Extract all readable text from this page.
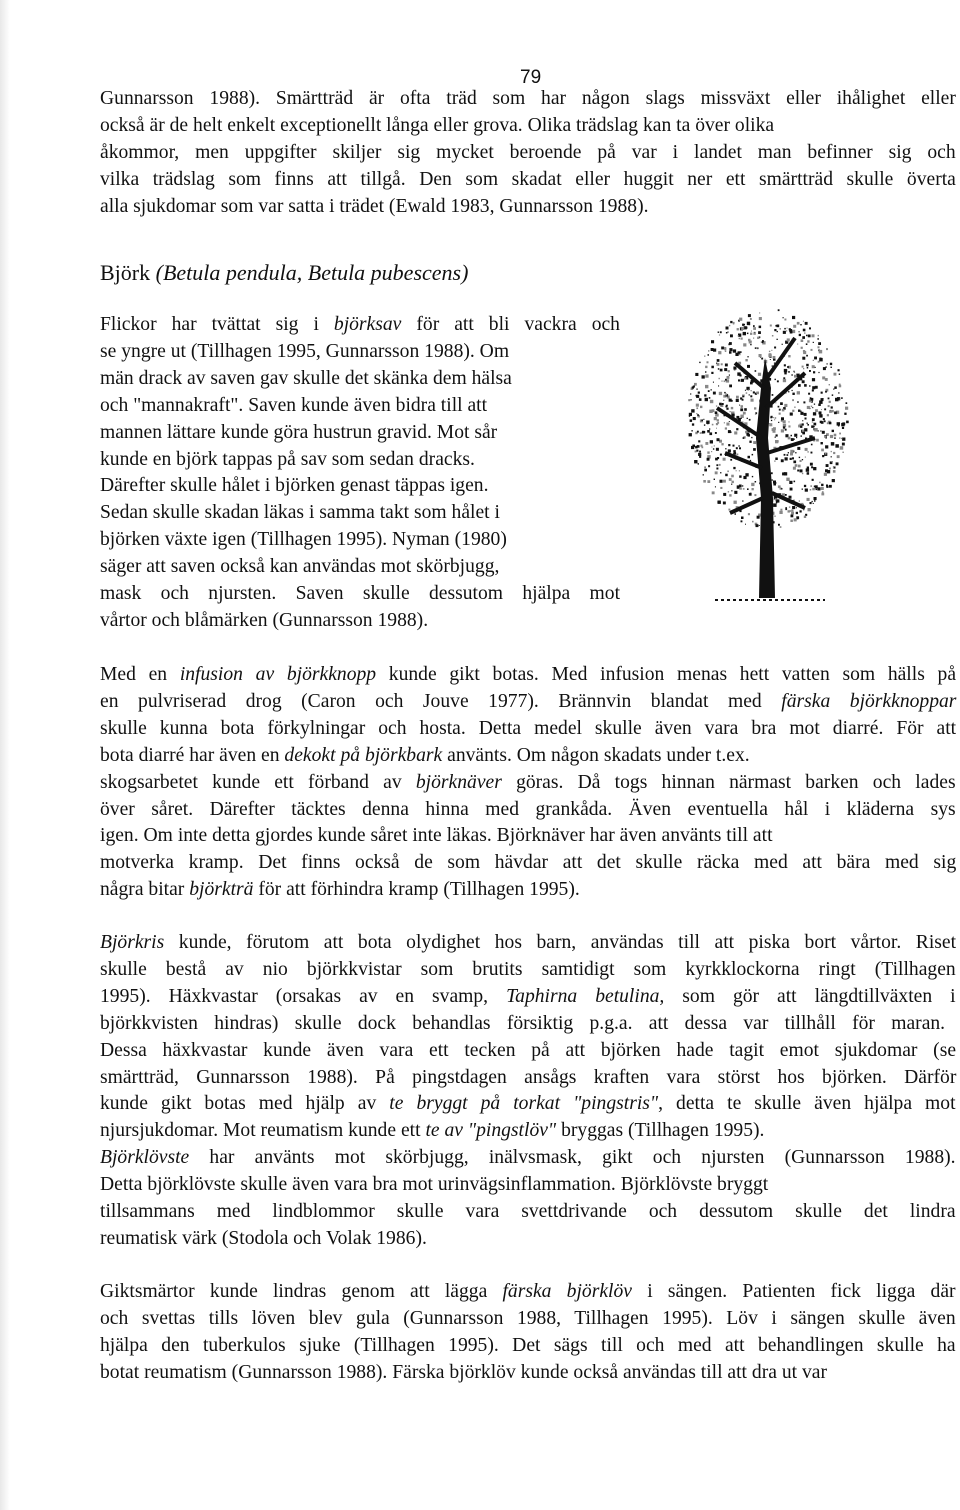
79
Gunnarsson 1988). Smärtträd är ofta träd som har någon slags missväxt eller ihålighet eller
också är de helt enkelt exceptionellt långa eller grova. Olika trädslag kan ta över olika
åkommor, men uppgifter skiljer sig mycket beroende på var i landet man befinner sig och
vilka trädslag som finns att tillgå. Den som skadat eller huggit ner ett smärtträd skulle överta
alla sjukdomar som var satta i trädet (Ewald 1983, Gunnarsson 1988).
Björk (Betula pendula, Betula pubescens)
Flickor har tvättat sig i björksav för att bli vackra och
se yngre ut (Tillhagen 1995, Gunnarsson 1988). Om
män drack av saven gav skulle det skänka dem hälsa
och "mannakraft". Saven kunde även bidra till att
mannen lättare kunde göra hustrun gravid. Mot sår
kunde en björk tappas på sav som sedan dracks.
Därefter skulle hålet i björken genast täppas igen.
Sedan skulle skadan läkas i samma takt som hålet i
björken växte igen (Tillhagen 1995). Nyman (1980)
säger att saven också kan användas mot skörbjugg,
mask och njursten. Saven skulle dessutom hjälpa mot
vårtor och blåmärken (Gunnarsson 1988).
Med en infusion av björkknopp kunde gikt botas. Med infusion menas hett vatten som hälls på
en pulvriserad drog (Caron och Jouve 1977). Brännvin blandat med färska björkknoppar
skulle kunna bota förkylningar och hosta. Detta medel skulle även vara bra mot diarré. För att
bota diarré har även en dekokt på björkbark använts. Om någon skadats under t.ex.
skogsarbetet kunde ett förband av björknäver göras. Då togs hinnan närmast barken och lades
över såret. Därefter täcktes denna hinna med grankåda. Även eventuella hål i kläderna sys
igen. Om inte detta gjordes kunde såret inte läkas. Björknäver har även använts till att
motverka kramp. Det finns också de som hävdar att det skulle räcka med att bära med sig
några bitar björkträ för att förhindra kramp (Tillhagen 1995).
Björkris kunde, förutom att bota olydighet hos barn, användas till att piska bort vårtor. Riset
skulle bestå av nio björkkvistar som brutits samtidigt som kyrkklockorna ringt (Tillhagen
1995). Häxkvastar (orsakas av en svamp, Taphirna betulina, som gör att längdtillväxten i
björkkvisten hindras) skulle dock behandlas försiktig p.g.a. att dessa var tillhåll för maran.
Dessa häxkvastar kunde även vara ett tecken på att björken hade tagit emot sjukdomar (se
smärtträd, Gunnarsson 1988). På pingstdagen ansågs kraften vara störst hos björken. Därför
kunde gikt botas med hjälp av te bryggt på torkat "pingstris", detta te skulle även hjälpa mot
njursjukdomar. Mot reumatism kunde ett te av "pingstlöv" bryggas (Tillhagen 1995).
Björklövste har använts mot skörbjugg, inälvsmask, gikt och njursten (Gunnarsson 1988).
Detta björklövste skulle även vara bra mot urinvägsinflammation. Björklövste bryggt
tillsammans med lindblommor skulle vara svettdrivande och dessutom skulle det lindra
reumatisk värk (Stodola och Volak 1986).
Giktsmärtor kunde lindras genom att lägga färska björklöv i sängen. Patienten fick ligga där
och svettas tills löven blev gula (Gunnarsson 1988, Tillhagen 1995). Löv i sängen skulle även
hjälpa den tuberkulos sjuke (Tillhagen 1995). Det sägs till och med att behandlingen skulle ha
botat reumatism (Gunnarsson 1988). Färska björklöv kunde också användas till att dra ut var
